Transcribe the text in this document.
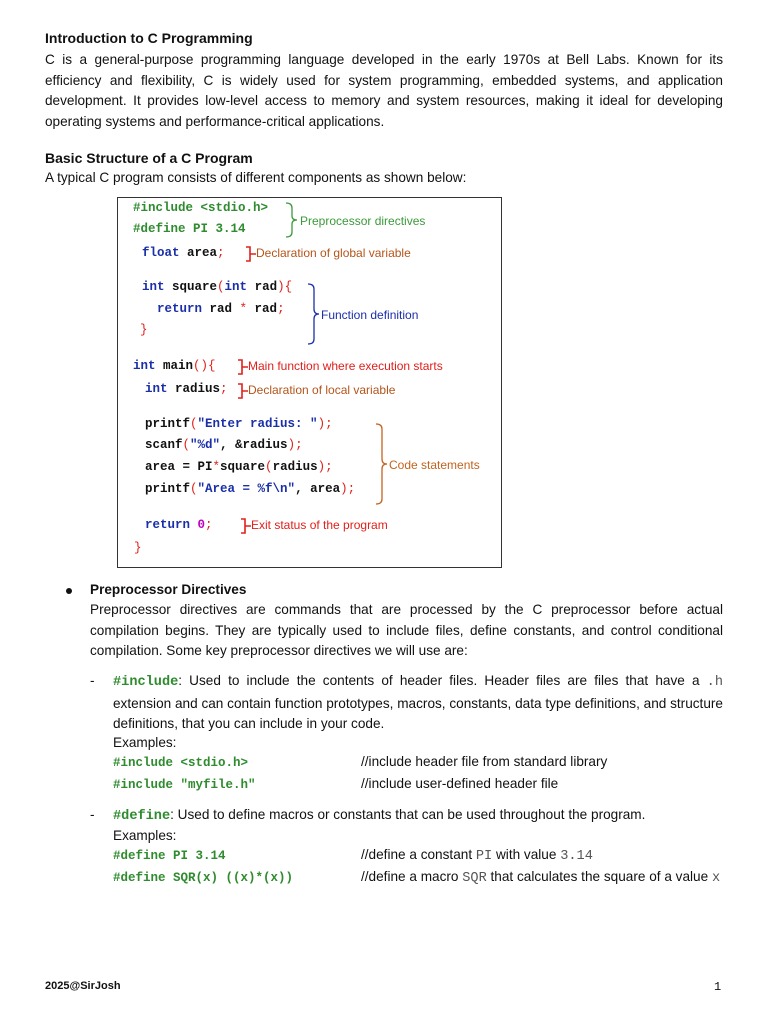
Introduction to C Programming
C is a general-purpose programming language developed in the early 1970s at Bell Labs. Known for its efficiency and flexibility, C is widely used for system programming, embedded systems, and application development. It provides low-level access to memory and system resources, making it ideal for developing operating systems and performance-critical applications.
Basic Structure of a C Program
A typical C program consists of different components as shown below:
#include <stdio.h>
#define PI 3.14
float area;
int square(int rad){
return rad * rad;
}
int main(){
int radius;
printf("Enter radius: ");
scanf("%d", &radius);
area = PI*square(radius);
printf("Area = %f\n", area);
return 0;
}
Preprocessor directives
Declaration of global variable
Function definition
Main function where execution starts
Declaration of local variable
Code statements
Exit status of the program
Preprocessor Directives
Preprocessor directives are commands that are processed by the C preprocessor before actual compilation begins. They are typically used to include files, define constants, and control conditional compilation. Some key preprocessor directives we will use are:
- #include: Used to include the contents of header files. Header files are files that have a .h extension and can contain function prototypes, macros, constants, data type definitions, and structure definitions, that you can include in your code.
Examples:
#include <stdio.h>	//include header file from standard library
#include "myfile.h"	//include user-defined header file
- #define: Used to define macros or constants that can be used throughout the program.
Examples:
#define PI 3.14	//define a constant PI with value 3.14
#define SQR(x) ((x)*(x))	//define a macro SQR that calculates the square of a value x
2025@SirJosh	1
